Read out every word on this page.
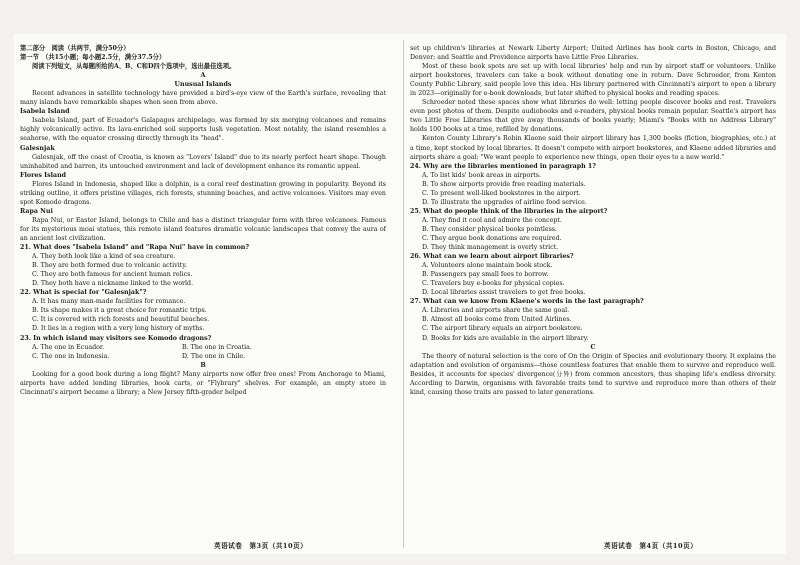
第二部分　阅读（共两节，满分50分）

第一节　（共15小题；每小题2.5分，满分37.5分）

阅读下列短文，从每题所给的A、B、C和D四个选项中，选出最佳选项。

A

Unusual Islands

Recent advances in satellite technology have provided a bird's-eye view of the Earth's surface, revealing that many islands have remarkable shapes when seen from above.

Isabela Island

Isabela Island, part of Ecuador's Galapagos archipelago, was formed by six merging volcanoes and remains highly volcanically active. Its lava-enriched soil supports lush vegetation. Most notably, the island resembles a seahorse, with the equator crossing directly through its "head".

Galesnjak

Galesnjak, off the coast of Croatia, is known as "Lovers' Island" due to its nearly perfect heart shape. Though uninhabited and barren, its untouched environment and lack of development enhance its romantic appeal.

Flores Island

Flores Island in Indonesia, shaped like a dolphin, is a coral reef destination growing in popularity. Beyond its striking outline, it offers pristine villages, rich forests, stunning beaches, and active volcanoes. Visitors may even spot Komodo dragons.

Rapa Nui

Rapa Nui, or Easter Island, belongs to Chile and has a distinct triangular form with three volcanoes. Famous for its mysterious moai statues, this remote island features dramatic volcanic landscapes that convey the aura of an ancient lost civilization.

21. What does "Isabela Island" and "Rapa Nui" have in common?

A. They both look like a kind of sea creature.

B. They are both formed due to volcanic activity.

C. They are both famous for ancient human relics.

D. They both have a nickname linked to the world.

22. What is special for "Galesnjak"?

A. It has many man-made facilities for romance.

B. Its shape makes it a great choice for romantic trips.

C. It is covered with rich forests and beautiful beaches.

D. It lies in a region with a very long history of myths.

23. In which island may visitors see Komodo dragons?

A. The one in Ecuador.	B. The one in Croatia.

C. The one in Indonesia.	D. The one in Chile.

B

Looking for a good book during a long flight? Many airports now offer free ones! From Anchorage to Miami, airports have added lending libraries, book carts, or "Flybrary" shelves. For example, an empty store in Cincinnati's airport became a library; a New Jersey fifth-grader helped

set up children's libraries at Newark Liberty Airport; United Airlines has book carts in Boston, Chicago, and Denver; and Seattle and Providence airports have Little Free Libraries.

Most of these book spots are set up with local libraries' help and run by airport staff or volunteers. Unlike airport bookstores, travelers can take a book without donating one in return. Dave Schroeder, from Kenton County Public Library, said people love this idea. His library partnered with Cincinnati's airport to open a library in 2023—originally for e-book downloads, but later shifted to physical books and reading spaces.

Schroeder noted these spaces show what libraries do well: letting people discover books and rest. Travelers even post photos of them. Despite audiobooks and e-readers, physical books remain popular. Seattle's airport has two Little Free Libraries that give away thousands of books yearly; Miami's "Books with no Address Library" holds 100 books at a time, refilled by donations.

Kenton County Library's Robin Klaene said their airport library has 1,300 books (fiction, biographies, etc.) at a time, kept stocked by local libraries. It doesn't compete with airport bookstores, and Klaene added libraries and airports share a goal: "We want people to experience new things, open their eyes to a new world."

24. Why are the libraries mentioned in paragraph 1?

A. To list kids' book areas in airports.

B. To show airports provide free reading materials.

C. To present well-liked bookstores in the airport.

D. To illustrate the upgrades of airline food service.

25. What do people think of the libraries in the airport?

A. They find it cool and admire the concept.

B. They consider physical books pointless.

C. They argue book donations are required.

D. They think management is overly strict.

26. What can we learn about airport libraries?

A. Volunteers alone maintain book stock.

B. Passengers pay small fees to borrow.

C. Travelers buy e-books for physical copies.

D. Local libraries assist travelers to get free books.

27. What can we know from Klaene's words in the last paragraph?

A. Libraries and airports share the same goal.

B. Almost all books come from United Airlines.

C. The airport library equals an airport bookstore.

D. Books for kids are available in the airport library.

C

The theory of natural selection is the core of On the Origin of Species and evolutionary theory. It explains the adaptation and evolution of organisms—those countless features that enable them to survive and reproduce well. Besides, it accounts for species' divergence(分异) from common ancestors, thus shaping life's endless diversity. According to Darwin, organisms with favorable traits tend to survive and reproduce more than others of their kind, causing those traits are passed to later generations.

英语试卷　第3页（共10页）	英语试卷　第4页（共10页）
